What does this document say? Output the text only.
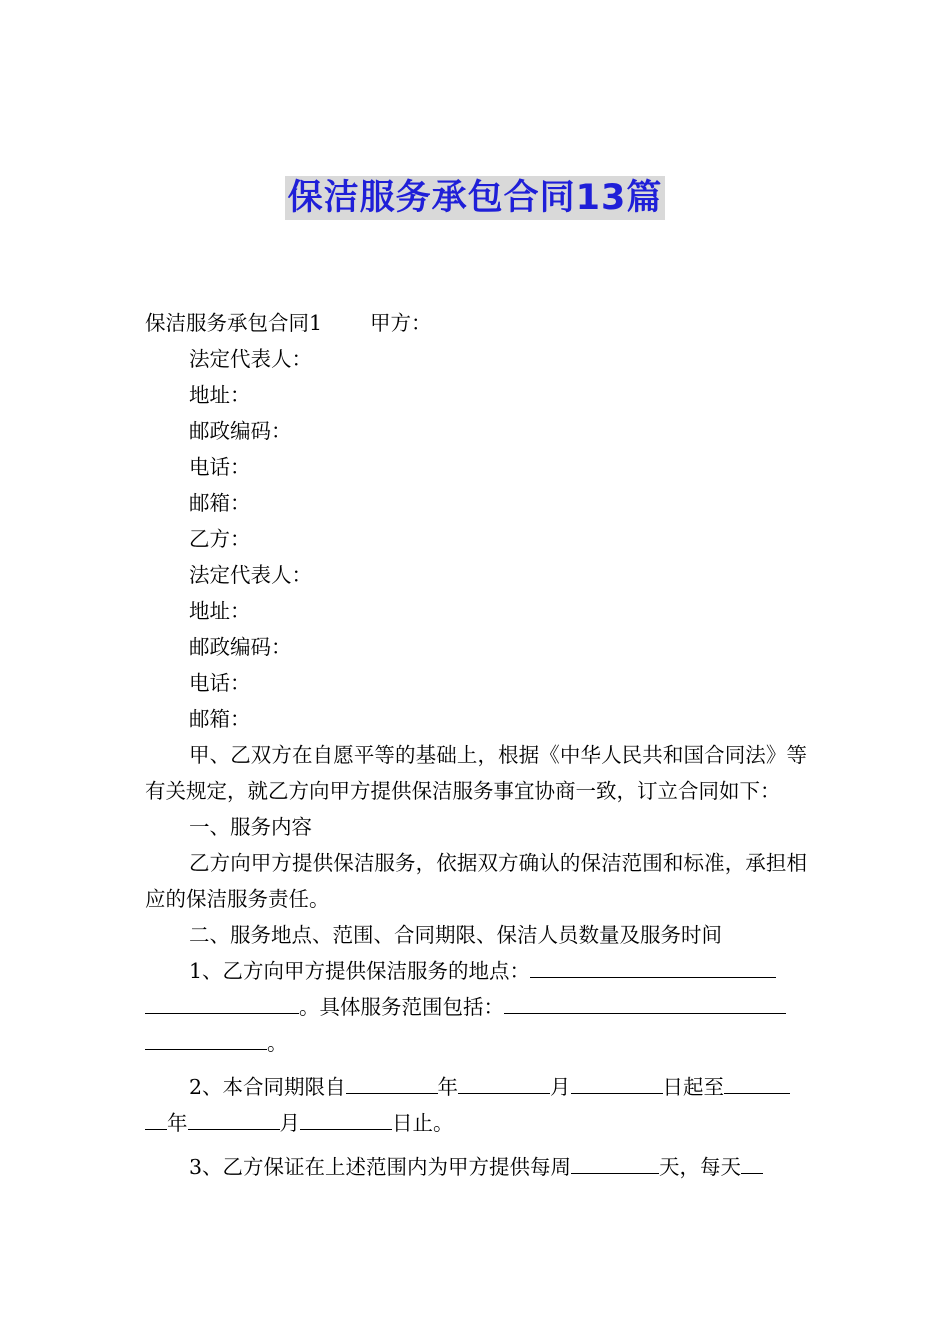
保洁服务承包合同13篇

保洁服务承包合同1 甲方：

法定代表人：

地址：

邮政编码：

电话：

邮箱：

乙方：

法定代表人：

地址：

邮政编码：

电话：

邮箱：

甲、乙双方在自愿平等的基础上，根据《中华人民共和国合同法》等有关规定，就乙方向甲方提供保洁服务事宜协商一致，订立合同如下：

一、服务内容

乙方向甲方提供保洁服务，依据双方确认的保洁范围和标准，承担相应的保洁服务责任。

二、服务地点、范围、合同期限、保洁人员数量及服务时间

1、乙方向甲方提供保洁服务的地点：

。具体服务范围包括：

。

2、本合同期限自	年	月	日起至

年	月	日止。

3、乙方保证在上述范围内为甲方提供每周	天，每天
